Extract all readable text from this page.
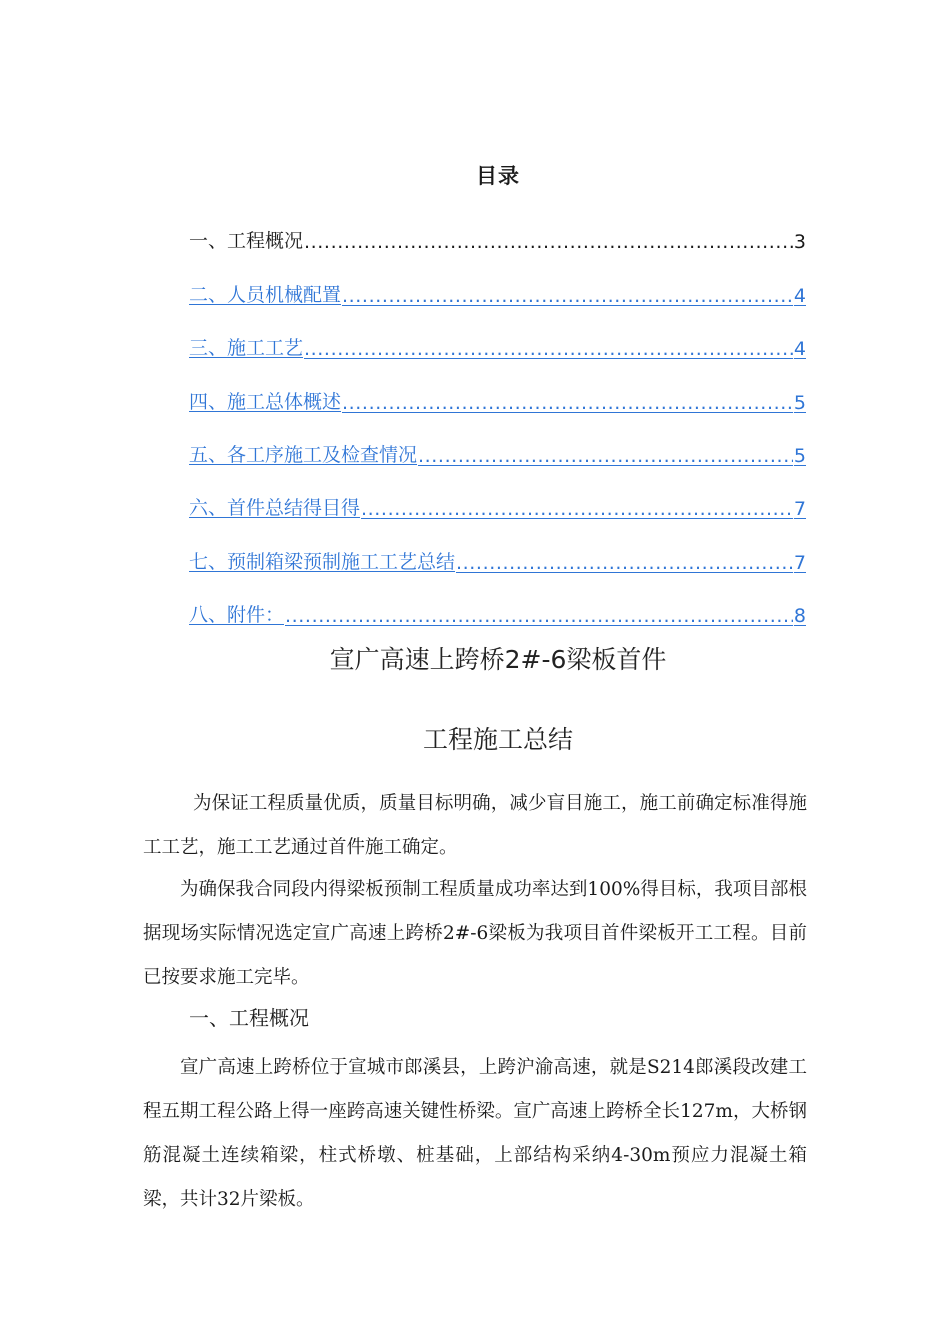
目录
一、工程概况 .....	3
二、人员机械配置 .....	4
三、施工工艺 .....	4
四、施工总体概述 .....	5
五、各工序施工及检查情况 .....	5
六、首件总结得目得 .....	7
七、预制箱梁预制施工工艺总结 .....	7
八、附件： .....	8
宣广高速上跨桥2#-6梁板首件
工程施工总结

为保证工程质量优质，质量目标明确，减少盲目施工，施工前确定标准得施工工艺，施工工艺通过首件施工确定。

为确保我合同段内得梁板预制工程质量成功率达到100%得目标，我项目部根据现场实际情况选定宣广高速上跨桥2#-6梁板为我项目首件梁板开工工程。目前已按要求施工完毕。

一、工程概况

宣广高速上跨桥位于宣城市郎溪县，上跨沪渝高速，就是S214郎溪段改建工程五期工程公路上得一座跨高速关键性桥梁。宣广高速上跨桥全长127m，大桥钢筋混凝土连续箱梁，柱式桥墩、桩基础，上部结构采纳4-30m预应力混凝土箱梁，共计32片梁板。
